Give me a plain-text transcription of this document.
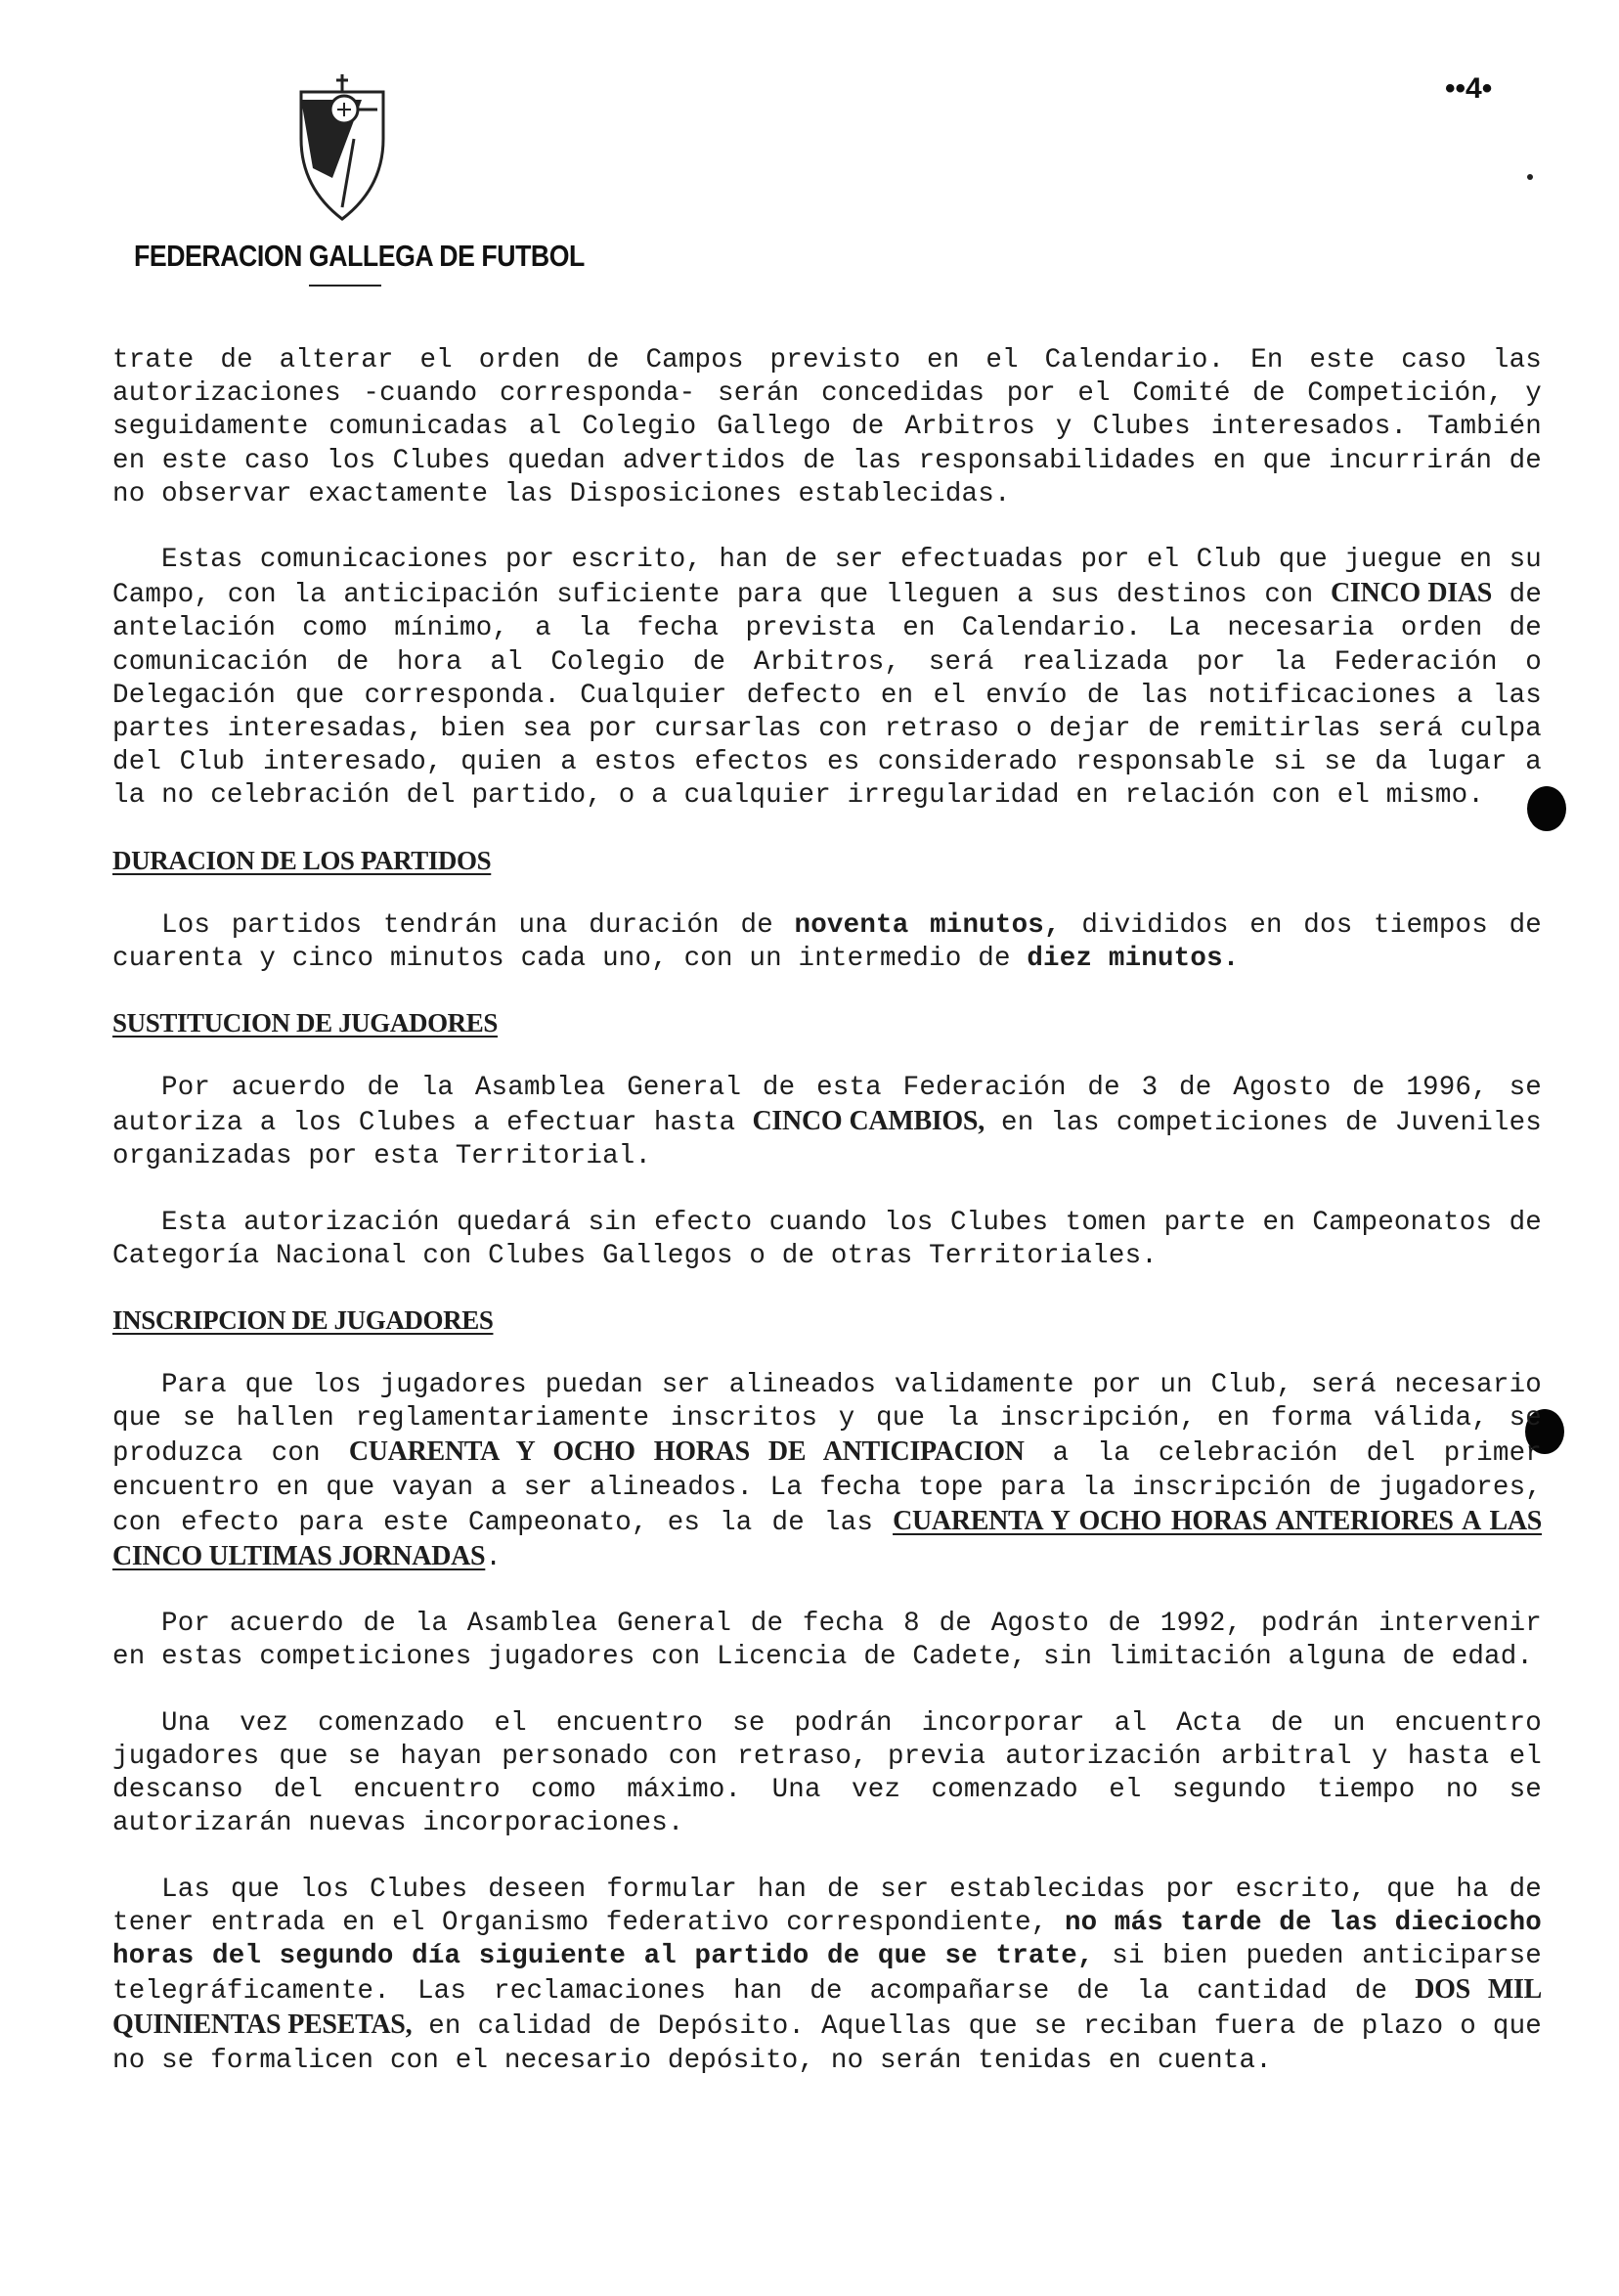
FEDERACION GALLEGA DE FUTBOL
••4•

trate de alterar el orden de Campos previsto en el Calendario. En este caso las autorizaciones -cuando corresponda- serán concedidas por el Comité de Competición, y seguidamente comunicadas al Colegio Gallego de Arbitros y Clubes interesados. También en este caso los Clubes quedan advertidos de las responsabilidades en que incurrirán de no observar exactamente las Disposiciones establecidas.

Estas comunicaciones por escrito, han de ser efectuadas por el Club que juegue en su Campo, con la anticipación suficiente para que lleguen a sus destinos con CINCO DIAS de antelación como mínimo, a la fecha prevista en Calendario. La necesaria orden de comunicación de hora al Colegio de Arbitros, será realizada por la Federación o Delegación que corresponda. Cualquier defecto en el envío de las notificaciones a las partes interesadas, bien sea por cursarlas con retraso o dejar de remitirlas será culpa del Club interesado, quien a estos efectos es considerado responsable si se da lugar a la no celebración del partido, o a cualquier irregularidad en relación con el mismo.

DURACION DE LOS PARTIDOS

Los partidos tendrán una duración de noventa minutos, divididos en dos tiempos de cuarenta y cinco minutos cada uno, con un intermedio de diez minutos.

SUSTITUCION DE JUGADORES

Por acuerdo de la Asamblea General de esta Federación de 3 de Agosto de 1996, se autoriza a los Clubes a efectuar hasta CINCO CAMBIOS, en las competiciones de Juveniles organizadas por esta Territorial.

Esta autorización quedará sin efecto cuando los Clubes tomen parte en Campeonatos de Categoría Nacional con Clubes Gallegos o de otras Territoriales.

INSCRIPCION DE JUGADORES

Para que los jugadores puedan ser alineados validamente por un Club, será necesario que se hallen reglamentariamente inscritos y que la inscripción, en forma válida, se produzca con CUARENTA Y OCHO HORAS DE ANTICIPACION a la celebración del primer encuentro en que vayan a ser alineados. La fecha tope para la inscripción de jugadores, con efecto para este Campeonato, es la de las CUARENTA Y OCHO HORAS ANTERIORES A LAS CINCO ULTIMAS JORNADAS.

Por acuerdo de la Asamblea General de fecha 8 de Agosto de 1992, podrán intervenir en estas competiciones jugadores con Licencia de Cadete, sin limitación alguna de edad.

Una vez comenzado el encuentro se podrán incorporar al Acta de un encuentro jugadores que se hayan personado con retraso, previa autorización arbitral y hasta el descanso del encuentro como máximo. Una vez comenzado el segundo tiempo no se autorizarán nuevas incorporaciones.

Las que los Clubes deseen formular han de ser establecidas por escrito, que ha de tener entrada en el Organismo federativo correspondiente, no más tarde de las dieciocho horas del segundo día siguiente al partido de que se trate, si bien pueden anticiparse telegráficamente. Las reclamaciones han de acompañarse de la cantidad de DOS MIL QUINIENTAS PESETAS, en calidad de Depósito. Aquellas que se reciban fuera de plazo o que no se formalicen con el necesario depósito, no serán tenidas en cuenta.
